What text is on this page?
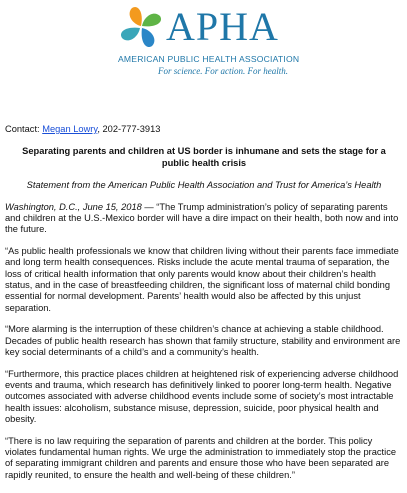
APHA
AMERICAN PUBLIC HEALTH ASSOCIATION
For science. For action. For health.

Contact: Megan Lowry, 202-777-3913

Separating parents and children at US border is inhumane and sets the stage for a public health crisis

Statement from the American Public Health Association and Trust for America’s Health

Washington, D.C., June 15, 2018 — “The Trump administration’s policy of separating parents and children at the U.S.-Mexico border will have a dire impact on their health, both now and into the future.

“As public health professionals we know that children living without their parents face immediate and long term health consequences. Risks include the acute mental trauma of separation, the loss of critical health information that only parents would know about their children’s health status, and in the case of breastfeeding children, the significant loss of maternal child bonding essential for normal development. Parents’ health would also be affected by this unjust separation.

“More alarming is the interruption of these children’s chance at achieving a stable childhood. Decades of public health research has shown that family structure, stability and environment are key social determinants of a child’s and a community’s health.

“Furthermore, this practice places children at heightened risk of experiencing adverse childhood events and trauma, which research has definitively linked to poorer long-term health. Negative outcomes associated with adverse childhood events include some of society’s most intractable health issues: alcoholism, substance misuse, depression, suicide, poor physical health and obesity.

“There is no law requiring the separation of parents and children at the border. This policy violates fundamental human rights. We urge the administration to immediately stop the practice of separating immigrant children and parents and ensure those who have been separated are rapidly reunited, to ensure the health and well-being of these children.”
